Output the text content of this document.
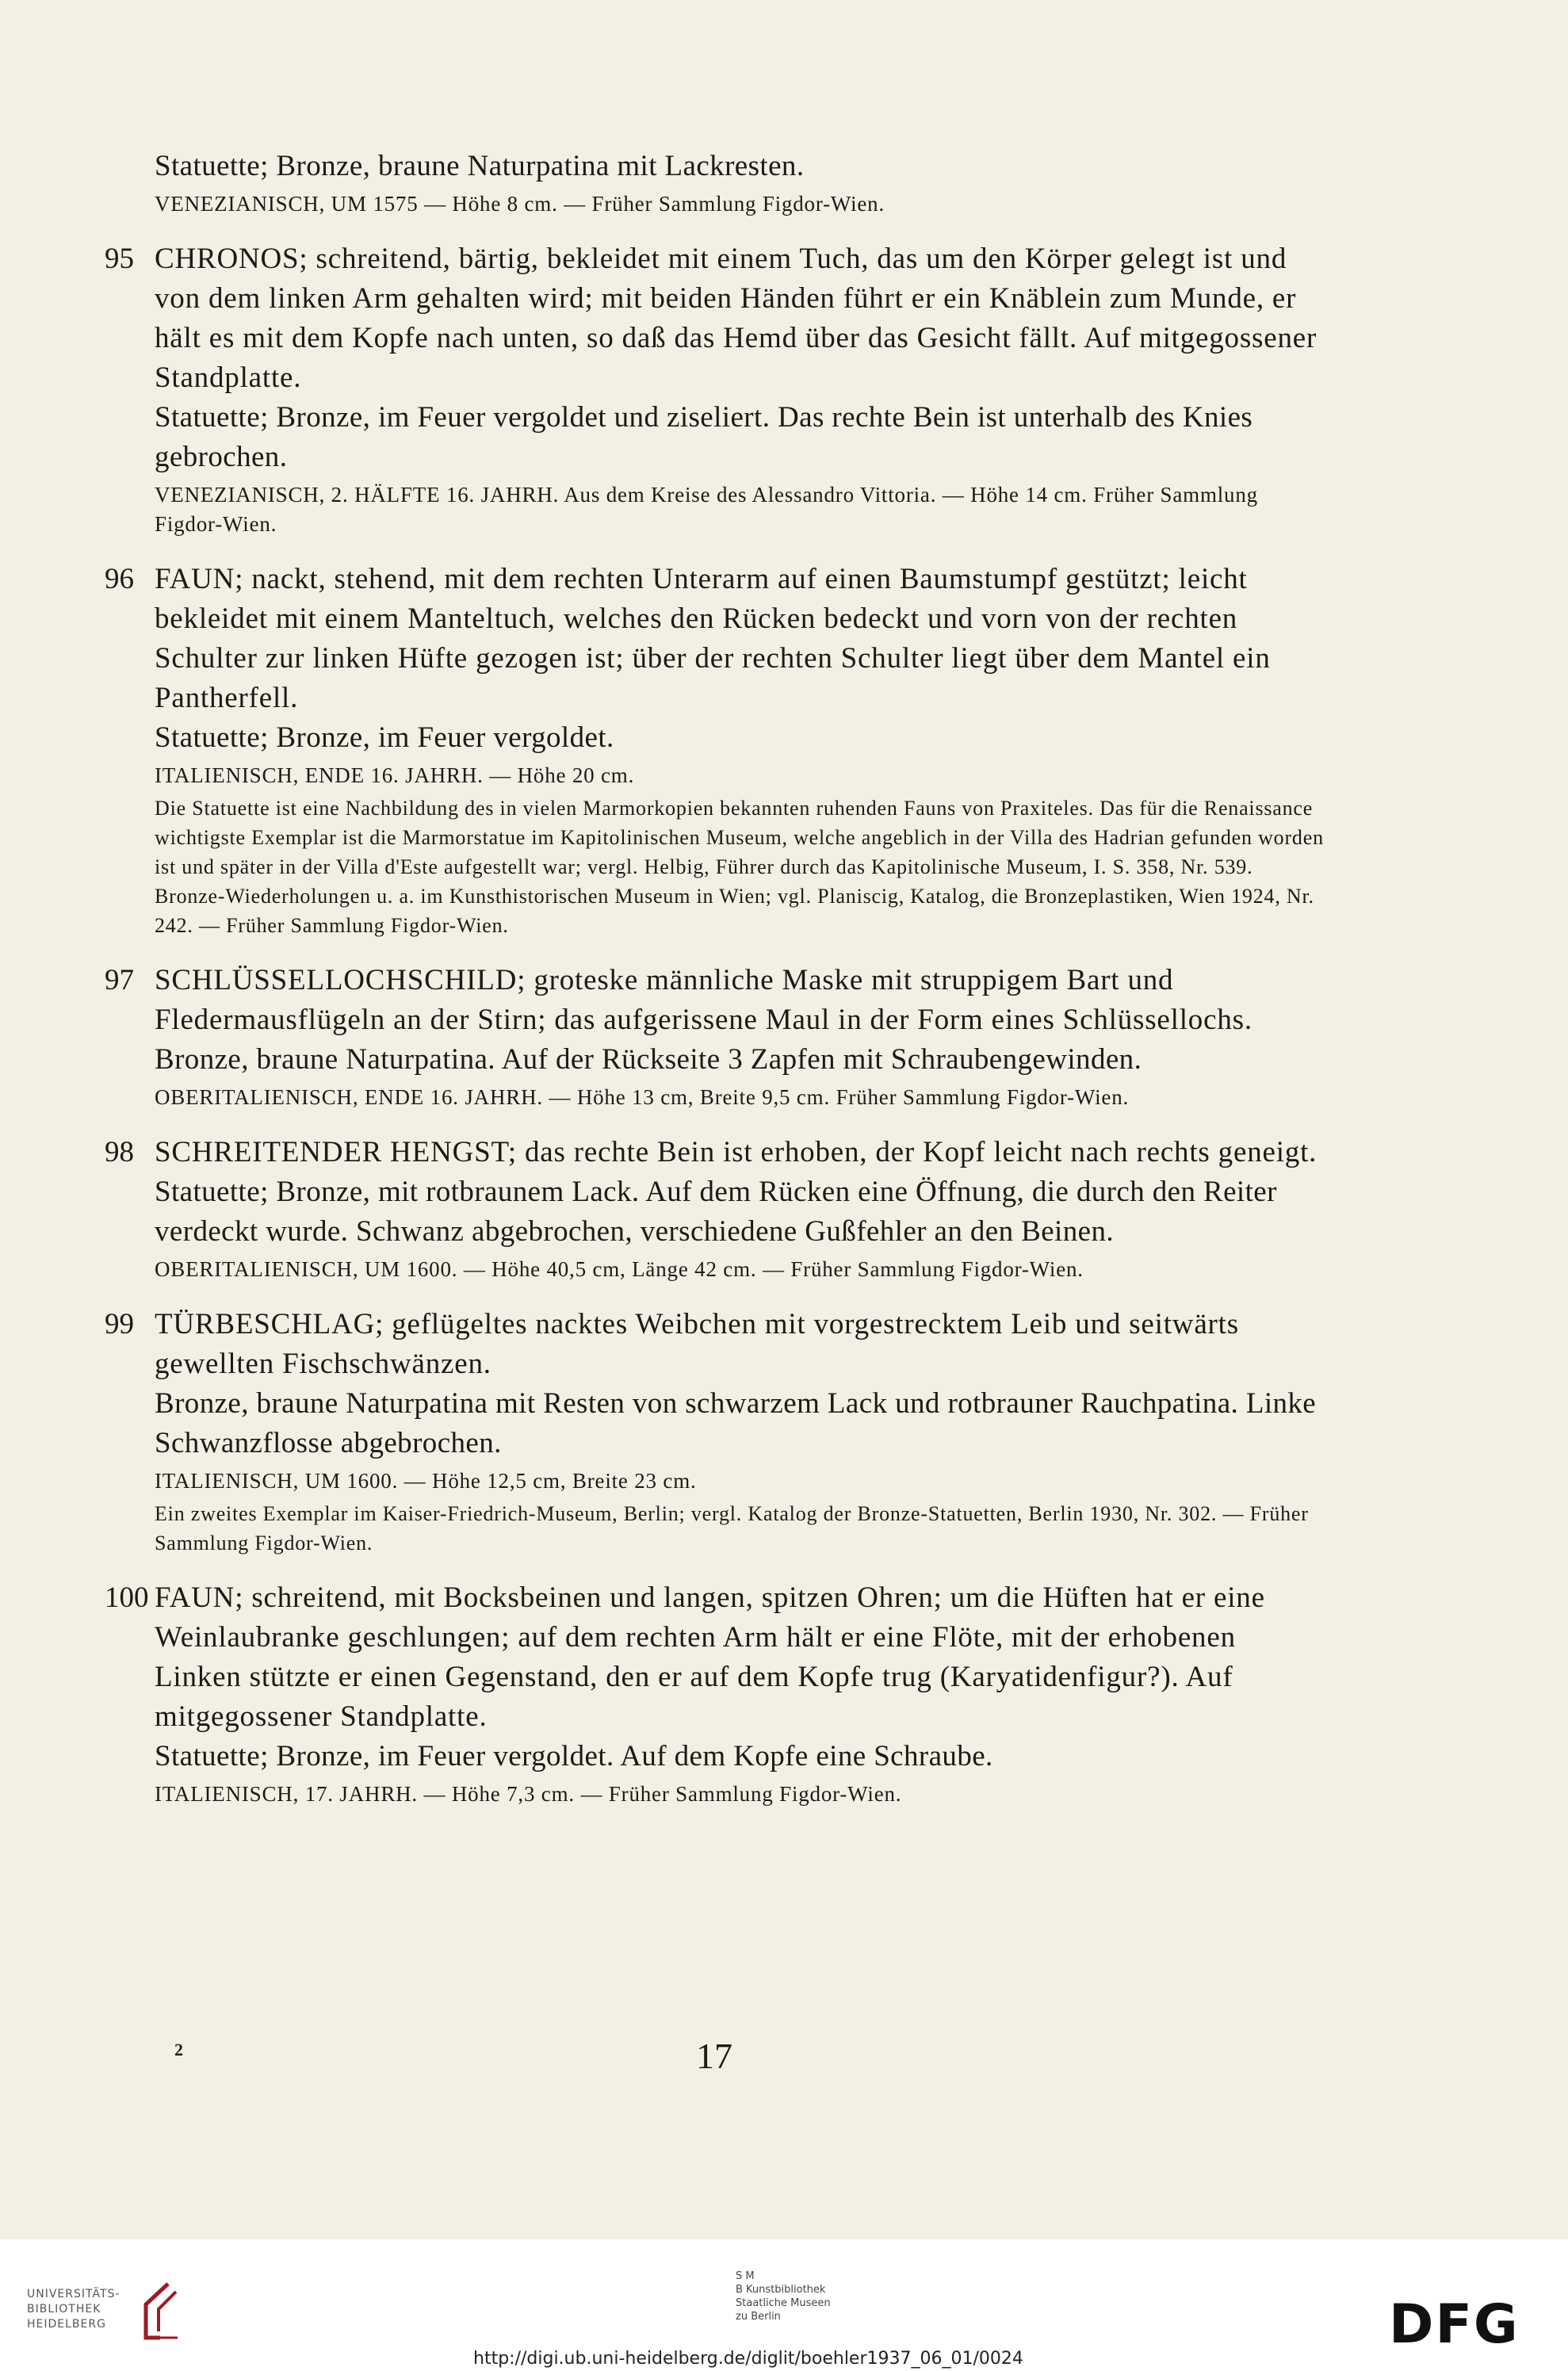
Statuette; Bronze, braune Naturpatina mit Lackresten.

VENEZIANISCH, UM 1575 — Höhe 8 cm. — Früher Sammlung Figdor-Wien.

95 CHRONOS; schreitend, bärtig, bekleidet mit einem Tuch, das um den Körper gelegt ist und von dem linken Arm gehalten wird; mit beiden Händen führt er ein Knäblein zum Munde, er hält es mit dem Kopfe nach unten, so daß das Hemd über das Gesicht fällt. Auf mitgegossener Standplatte.

Statuette; Bronze, im Feuer vergoldet und ziseliert. Das rechte Bein ist unterhalb des Knies gebrochen.

VENEZIANISCH, 2. HÄLFTE 16. JAHRH. Aus dem Kreise des Alessandro Vittoria. — Höhe 14 cm. Früher Sammlung Figdor-Wien.

96 FAUN; nackt, stehend, mit dem rechten Unterarm auf einen Baumstumpf gestützt; leicht bekleidet mit einem Manteltuch, welches den Rücken bedeckt und vorn von der rechten Schulter zur linken Hüfte gezogen ist; über der rechten Schulter liegt über dem Mantel ein Pantherfell.

Statuette; Bronze, im Feuer vergoldet.

ITALIENISCH, ENDE 16. JAHRH. — Höhe 20 cm.

Die Statuette ist eine Nachbildung des in vielen Marmorkopien bekannten ruhenden Fauns von Praxiteles. Das für die Renaissance wichtigste Exemplar ist die Marmorstatue im Kapitolinischen Museum, welche angeblich in der Villa des Hadrian gefunden worden ist und später in der Villa d'Este aufgestellt war; vergl. Helbig, Führer durch das Kapitolinische Museum, I. S. 358, Nr. 539. Bronze-Wiederholungen u. a. im Kunsthistorischen Museum in Wien; vgl. Planiscig, Katalog, die Bronzeplastiken, Wien 1924, Nr. 242. — Früher Sammlung Figdor-Wien.

97 SCHLÜSSELLOCHSCHILD; groteske männliche Maske mit struppigem Bart und Fledermausflügeln an der Stirn; das aufgerissene Maul in der Form eines Schlüssellochs.

Bronze, braune Naturpatina. Auf der Rückseite 3 Zapfen mit Schraubengewinden.

OBERITALIENISCH, ENDE 16. JAHRH. — Höhe 13 cm, Breite 9,5 cm. Früher Sammlung Figdor-Wien.

98 SCHREITENDER HENGST; das rechte Bein ist erhoben, der Kopf leicht nach rechts geneigt.

Statuette; Bronze, mit rotbraunem Lack. Auf dem Rücken eine Öffnung, die durch den Reiter verdeckt wurde. Schwanz abgebrochen, verschiedene Gußfehler an den Beinen.

OBERITALIENISCH, UM 1600. — Höhe 40,5 cm, Länge 42 cm. — Früher Sammlung Figdor-Wien.

99 TÜRBESCHLAG; geflügeltes nacktes Weibchen mit vorgestrecktem Leib und seitwärts gewellten Fischschwänzen.

Bronze, braune Naturpatina mit Resten von schwarzem Lack und rotbrauner Rauchpatina. Linke Schwanzflosse abgebrochen.

ITALIENISCH, UM 1600. — Höhe 12,5 cm, Breite 23 cm.

Ein zweites Exemplar im Kaiser-Friedrich-Museum, Berlin; vergl. Katalog der Bronze-Statuetten, Berlin 1930, Nr. 302. — Früher Sammlung Figdor-Wien.

100 FAUN; schreitend, mit Bocksbeinen und langen, spitzen Ohren; um die Hüften hat er eine Weinlaubranke geschlungen; auf dem rechten Arm hält er eine Flöte, mit der erhobenen Linken stützte er einen Gegenstand, den er auf dem Kopfe trug (Karyatidenfigur?). Auf mitgegossener Standplatte.

Statuette; Bronze, im Feuer vergoldet. Auf dem Kopfe eine Schraube.

ITALIENISCH, 17. JAHRH. — Höhe 7,3 cm. — Früher Sammlung Figdor-Wien.

2	17
UNIVERSITÄTS-
BIBLIOTHEK
HEIDELBERG
S M
B Kunstbibliothek
Staatliche Museen
zu Berlin	DFG
http://digi.ub.uni-heidelberg.de/diglit/boehler1937_06_01/0024
